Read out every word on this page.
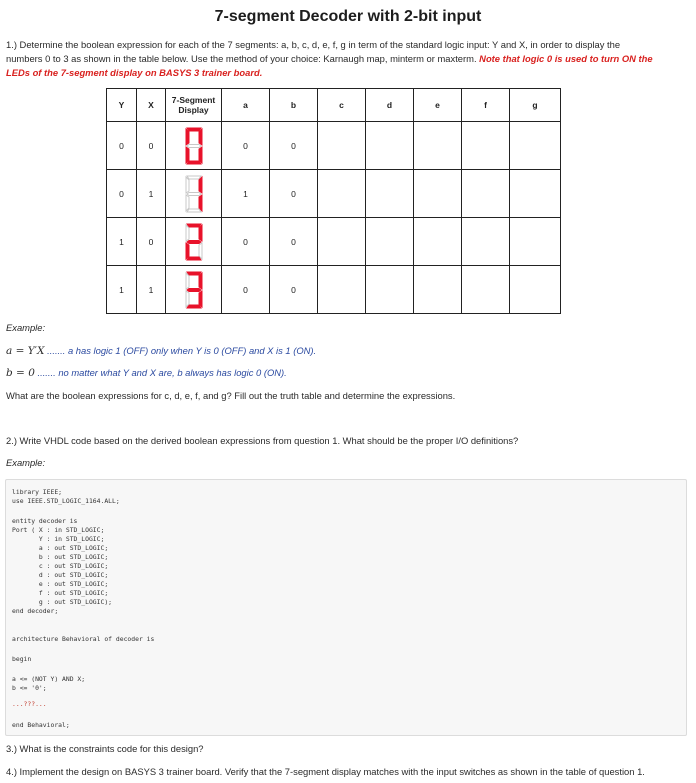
7-segment Decoder with 2-bit input
1.) Determine the boolean expression for each of the 7 segments: a, b, c, d, e, f, g in term of the standard logic input: Y and X, in order to display the
numbers 0 to 3 as shown in the table below. Use the method of your choice: Karnaugh map, minterm or maxterm. Note that logic 0 is used to turn ON the
LEDs of the 7-segment display on BASYS 3 trainer board.
Y	X	7-Segment
Display	a	b	c	d	e	f	g
0	0		0	0					
0	1		1	0					
1	0		0	0					
1	1		0	0					
Example:
a = Y′X ....... a has logic 1 (OFF) only when Y is 0 (OFF) and X is 1 (ON).
b = 0 ....... no matter what Y and X are, b always has logic 0 (ON).
What are the boolean expressions for c, d, e, f, and g? Fill out the truth table and determine the expressions.
2.) Write VHDL code based on the derived boolean expressions from question 1. What should be the proper I/O definitions?
Example:
library IEEE;
use IEEE.STD_LOGIC_1164.ALL;
entity decoder is
Port ( X : in STD_LOGIC;
Y : in STD_LOGIC;
a : out STD_LOGIC;
b : out STD_LOGIC;
c : out STD_LOGIC;
d : out STD_LOGIC;
e : out STD_LOGIC;
f : out STD_LOGIC;
g : out STD_LOGIC);
end decoder;
architecture Behavioral of decoder is
begin
a <= (NOT Y) AND X;
b <= '0';
...???...
end Behavioral;
3.) What is the constraints code for this design?
4.) Implement the design on BASYS 3 trainer board. Verify that the 7-segment display matches with the input switches as shown in the table of question 1.
